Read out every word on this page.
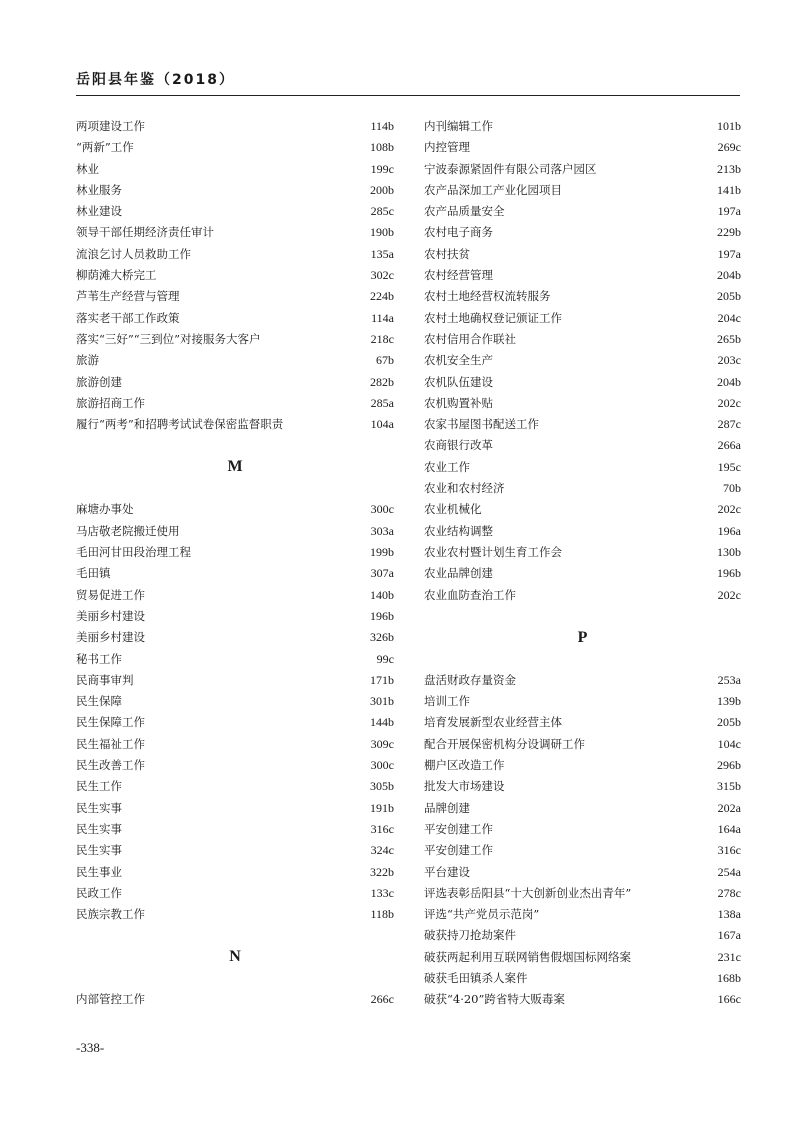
岳阳县年鉴（2018）
两项建设工作	114b
“两新”工作	108b
林业	199c
林业服务	200b
林业建设	285c
领导干部任期经济责任审计	190b
流浪乞讨人员救助工作	135a
柳荫滩大桥完工	302c
芦苇生产经营与管理	224b
落实老干部工作政策	114a
落实“三好”“三到位”对接服务大客户	218c
旅游	67b
旅游创建	282b
旅游招商工作	285a
履行“两考”和招聘考试试卷保密监督职责	104a
M
麻塘办事处	300c
马店敬老院搬迁使用	303a
毛田河甘田段治理工程	199b
毛田镇	307a
贸易促进工作	140b
美丽乡村建设	196b
美丽乡村建设	326b
秘书工作	99c
民商事审判	171b
民生保障	301b
民生保障工作	144b
民生福祉工作	309c
民生改善工作	300c
民生工作	305b
民生实事	191b
民生实事	316c
民生实事	324c
民生事业	322b
民政工作	133c
民族宗教工作	118b
N
内部管控工作	266c
内刊编辑工作	101b
内控管理	269c
宁波泰源紧固件有限公司落户园区	213b
农产品深加工产业化园项目	141b
农产品质量安全	197a
农村电子商务	229b
农村扶贫	197a
农村经营管理	204b
农村土地经营权流转服务	205b
农村土地确权登记颁证工作	204c
农村信用合作联社	265b
农机安全生产	203c
农机队伍建设	204b
农机购置补贴	202c
农家书屋图书配送工作	287c
农商银行改革	266a
农业工作	195c
农业和农村经济	70b
农业机械化	202c
农业结构调整	196a
农业农村暨计划生育工作会	130b
农业品牌创建	196b
农业血防查治工作	202c
P
盘活财政存量资金	253a
培训工作	139b
培育发展新型农业经营主体	205b
配合开展保密机构分设调研工作	104c
棚户区改造工作	296b
批发大市场建设	315b
品牌创建	202a
平安创建工作	164a
平安创建工作	316c
平台建设	254a
评选表彰岳阳县“十大创新创业杰出青年”	278c
评选“共产党员示范岗”	138a
破获持刀抢劫案件	167a
破获两起利用互联网销售假烟国标网络案	231c
破获毛田镇杀人案件	168b
破获“4·20”跨省特大贩毒案	166c
-338-
